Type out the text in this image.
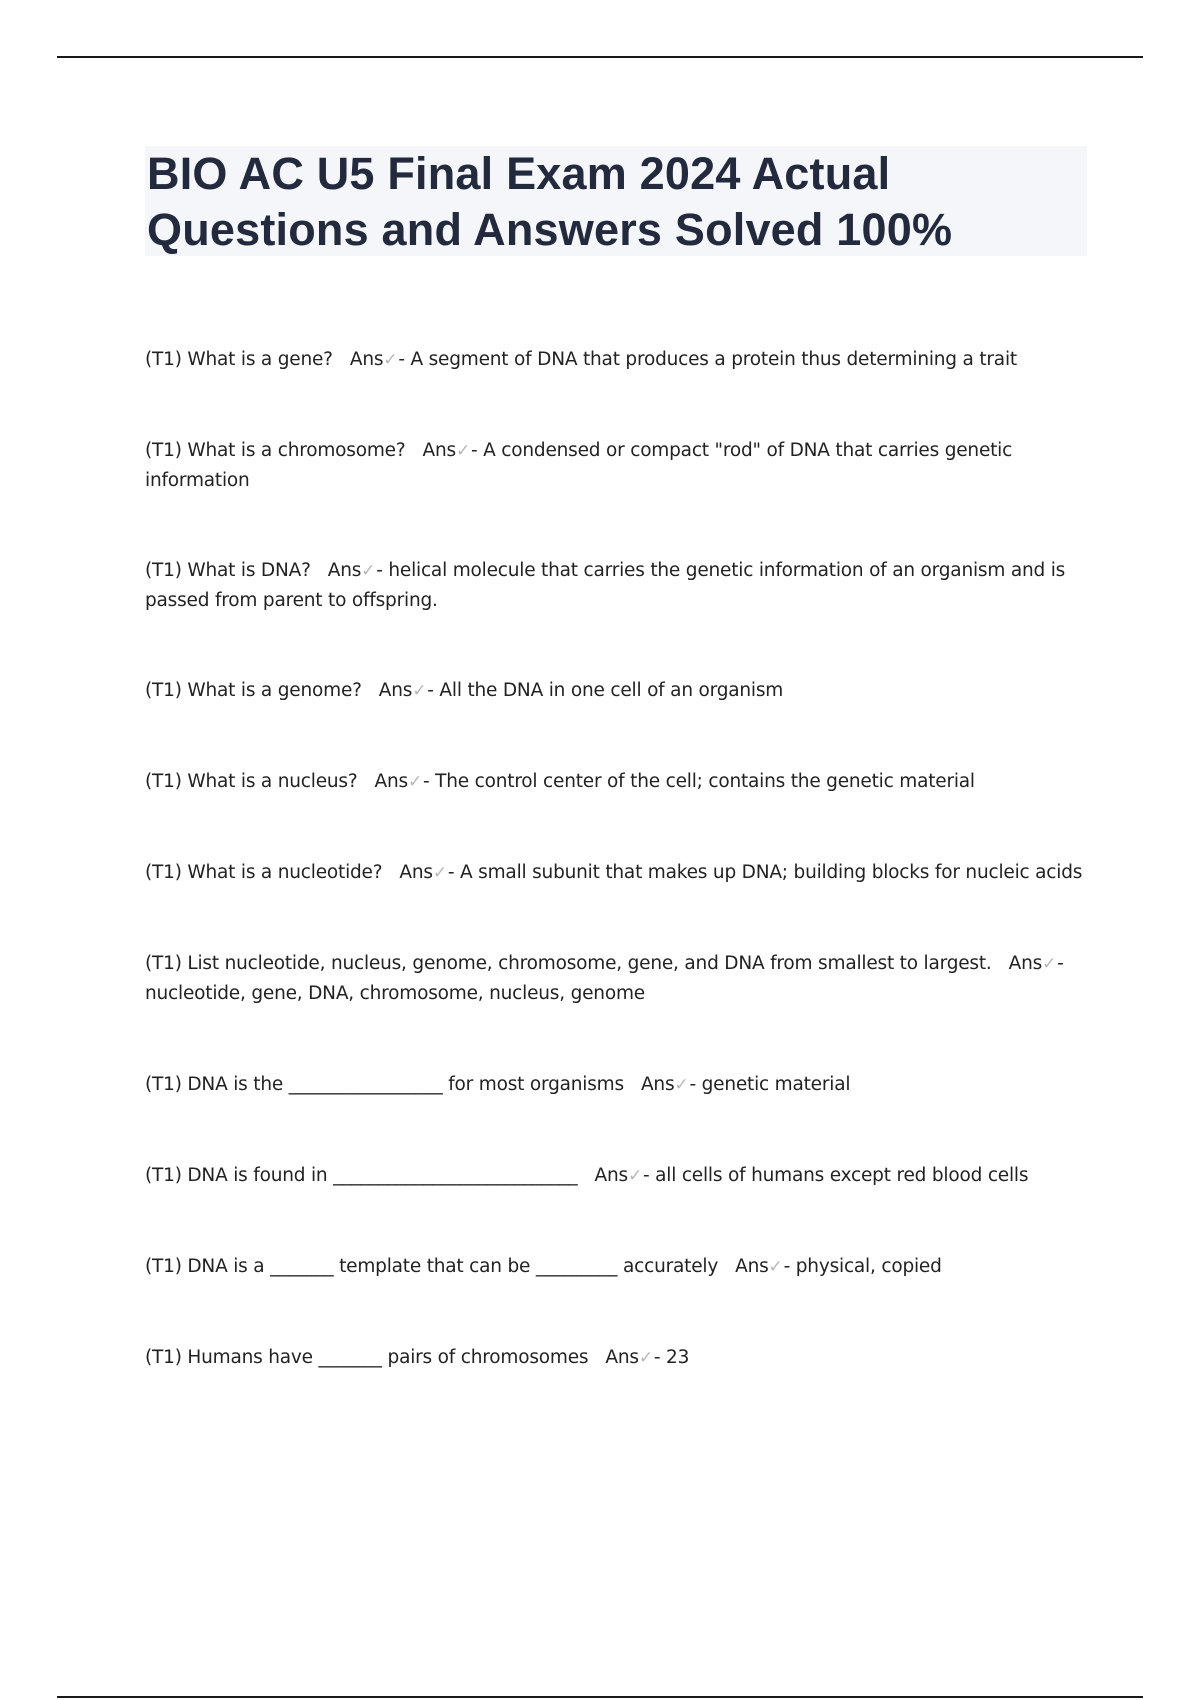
BIO AC U5 Final Exam 2024 Actual Questions and Answers Solved 100%
(T1) What is a gene? Ans✓- A segment of DNA that produces a protein thus determining a trait
(T1) What is a chromosome? Ans✓- A condensed or compact "rod" of DNA that carries genetic information
(T1) What is DNA? Ans✓- helical molecule that carries the genetic information of an organism and is passed from parent to offspring.
(T1) What is a genome? Ans✓- All the DNA in one cell of an organism
(T1) What is a nucleus? Ans✓- The control center of the cell; contains the genetic material
(T1) What is a nucleotide? Ans✓- A small subunit that makes up DNA; building blocks for nucleic acids
(T1) List nucleotide, nucleus, genome, chromosome, gene, and DNA from smallest to largest. Ans✓- nucleotide, gene, DNA, chromosome, nucleus, genome
(T1) DNA is the _________________ for most organisms Ans✓- genetic material
(T1) DNA is found in ___________________________ Ans✓- all cells of humans except red blood cells
(T1) DNA is a _______ template that can be _________ accurately Ans✓- physical, copied
(T1) Humans have _______ pairs of chromosomes Ans✓- 23
